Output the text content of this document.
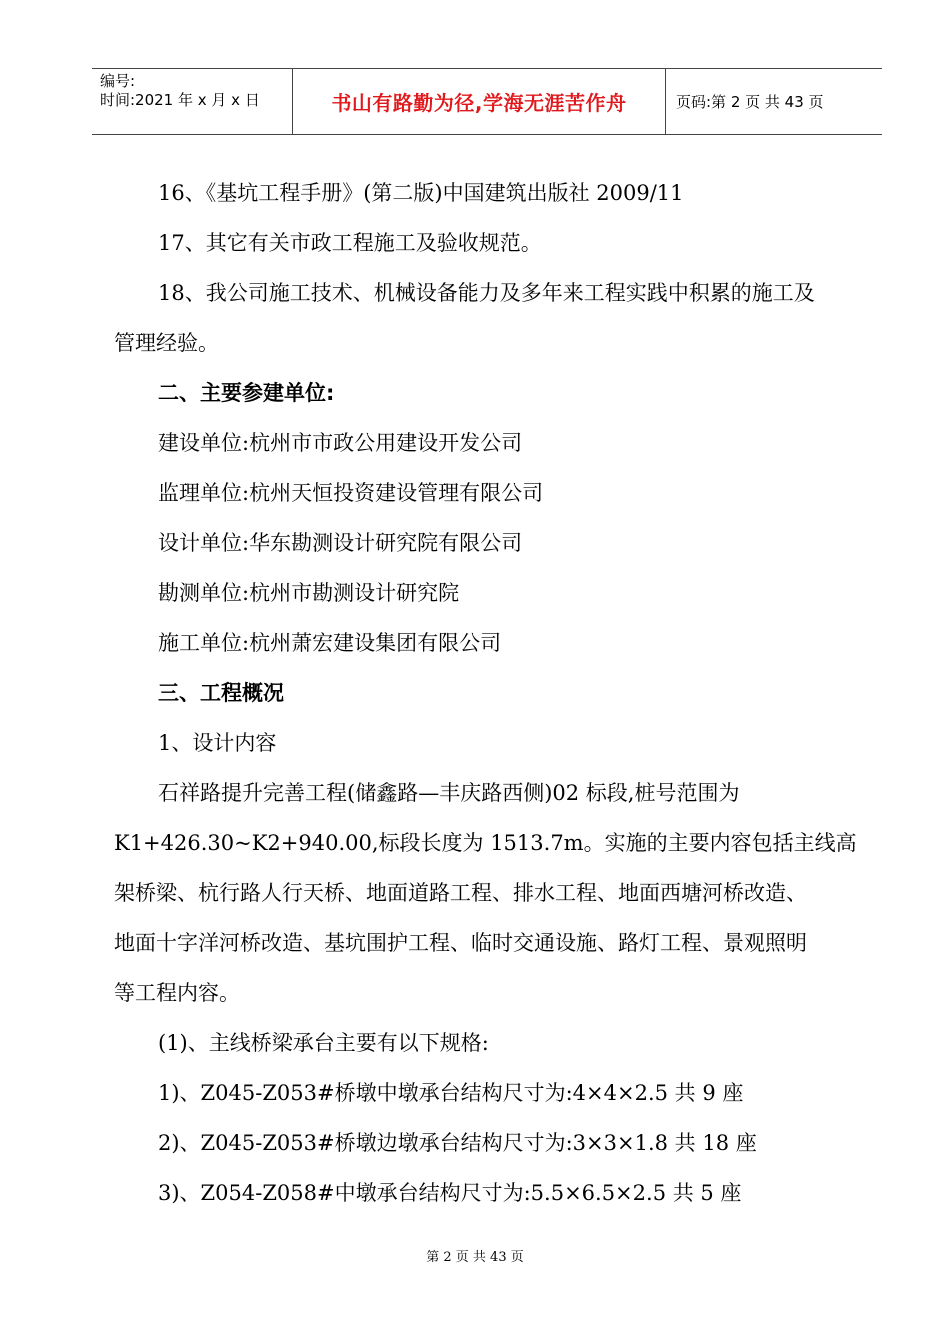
编号:
时间:2021 年 x 月 x 日	书山有路勤为径,学海无涯苦作舟	页码:第 2 页 共 43 页

16、《基坑工程手册》(第二版)中国建筑出版社 2009/11

17、其它有关市政工程施工及验收规范。

18、我公司施工技术、机械设备能力及多年来工程实践中积累的施工及

管理经验。

二、主要参建单位:

建设单位:杭州市市政公用建设开发公司

监理单位:杭州天恒投资建设管理有限公司

设计单位:华东勘测设计研究院有限公司

勘测单位:杭州市勘测设计研究院

施工单位:杭州萧宏建设集团有限公司

三、工程概况

1、设计内容

石祥路提升完善工程(储鑫路—丰庆路西侧)02 标段,桩号范围为

K1+426.30~K2+940.00,标段长度为 1513.7m。实施的主要内容包括主线高

架桥梁、杭行路人行天桥、地面道路工程、排水工程、地面西塘河桥改造、

地面十字洋河桥改造、基坑围护工程、临时交通设施、路灯工程、景观照明

等工程内容。

(1)、主线桥梁承台主要有以下规格:

1)、Z045-Z053#桥墩中墩承台结构尺寸为:4×4×2.5 共 9 座

2)、Z045-Z053#桥墩边墩承台结构尺寸为:3×3×1.8 共 18 座

3)、Z054-Z058#中墩承台结构尺寸为:5.5×6.5×2.5 共 5 座

第 2 页 共 43 页
